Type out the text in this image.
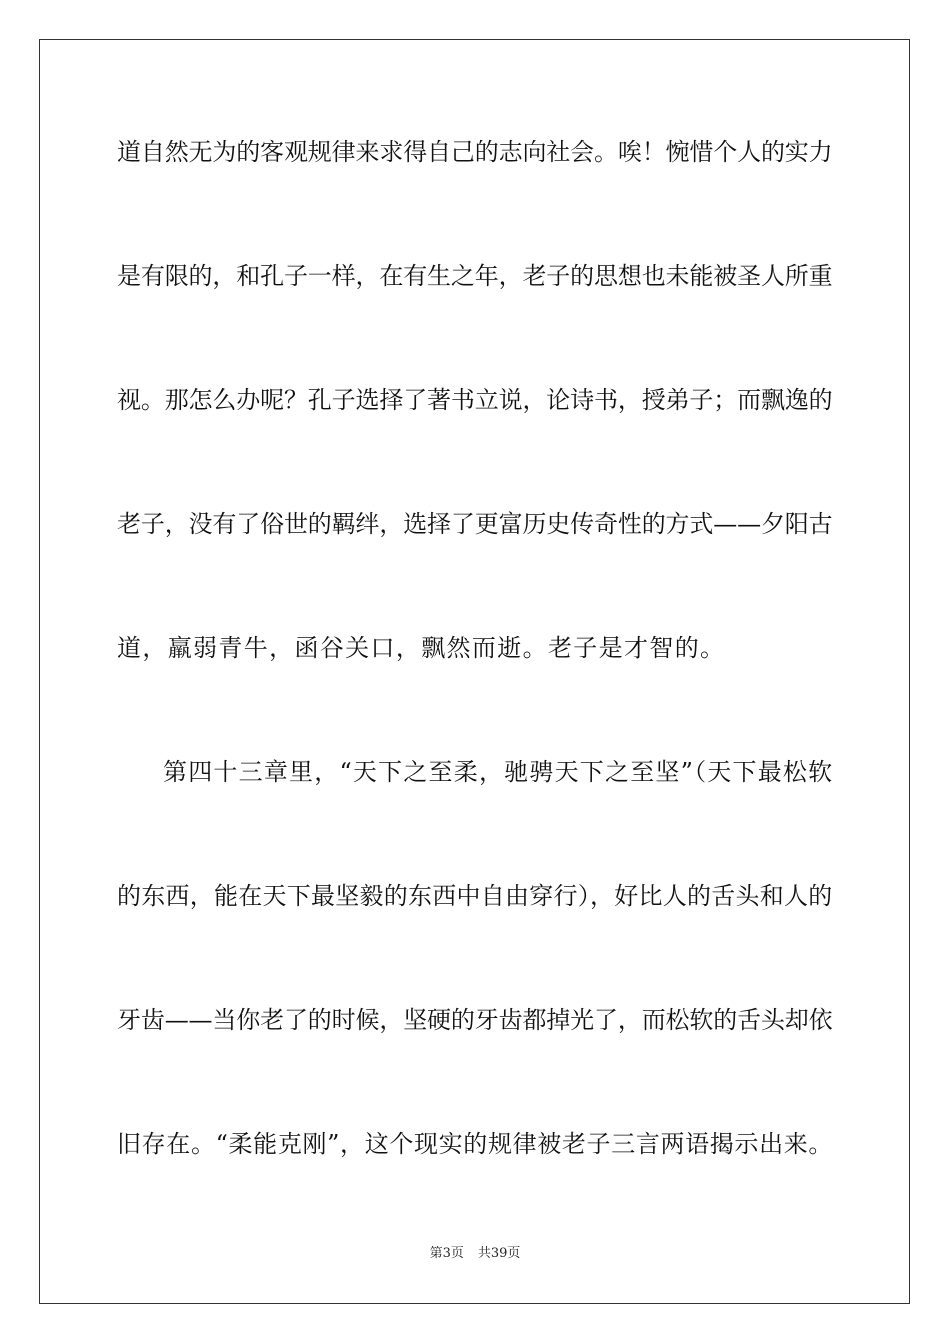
道自然无为的客观规律来求得自己的志向社会。唉！惋惜个人的实力
是有限的，和孔子一样，在有生之年，老子的思想也未能被圣人所重
视。那怎么办呢？孔子选择了著书立说，论诗书，授弟子；而飘逸的
老子，没有了俗世的羁绊，选择了更富历史传奇性的方式——夕阳古
道，羸弱青牛，函谷关口，飘然而逝。老子是才智的。
第四十三章里，“天下之至柔，驰骋天下之至坚”（天下最松软
的东西，能在天下最坚毅的东西中自由穿行），好比人的舌头和人的
牙齿——当你老了的时候，坚硬的牙齿都掉光了，而松软的舌头却依
旧存在。“柔能克刚”，这个现实的规律被老子三言两语揭示出来。
第3页 共39页
